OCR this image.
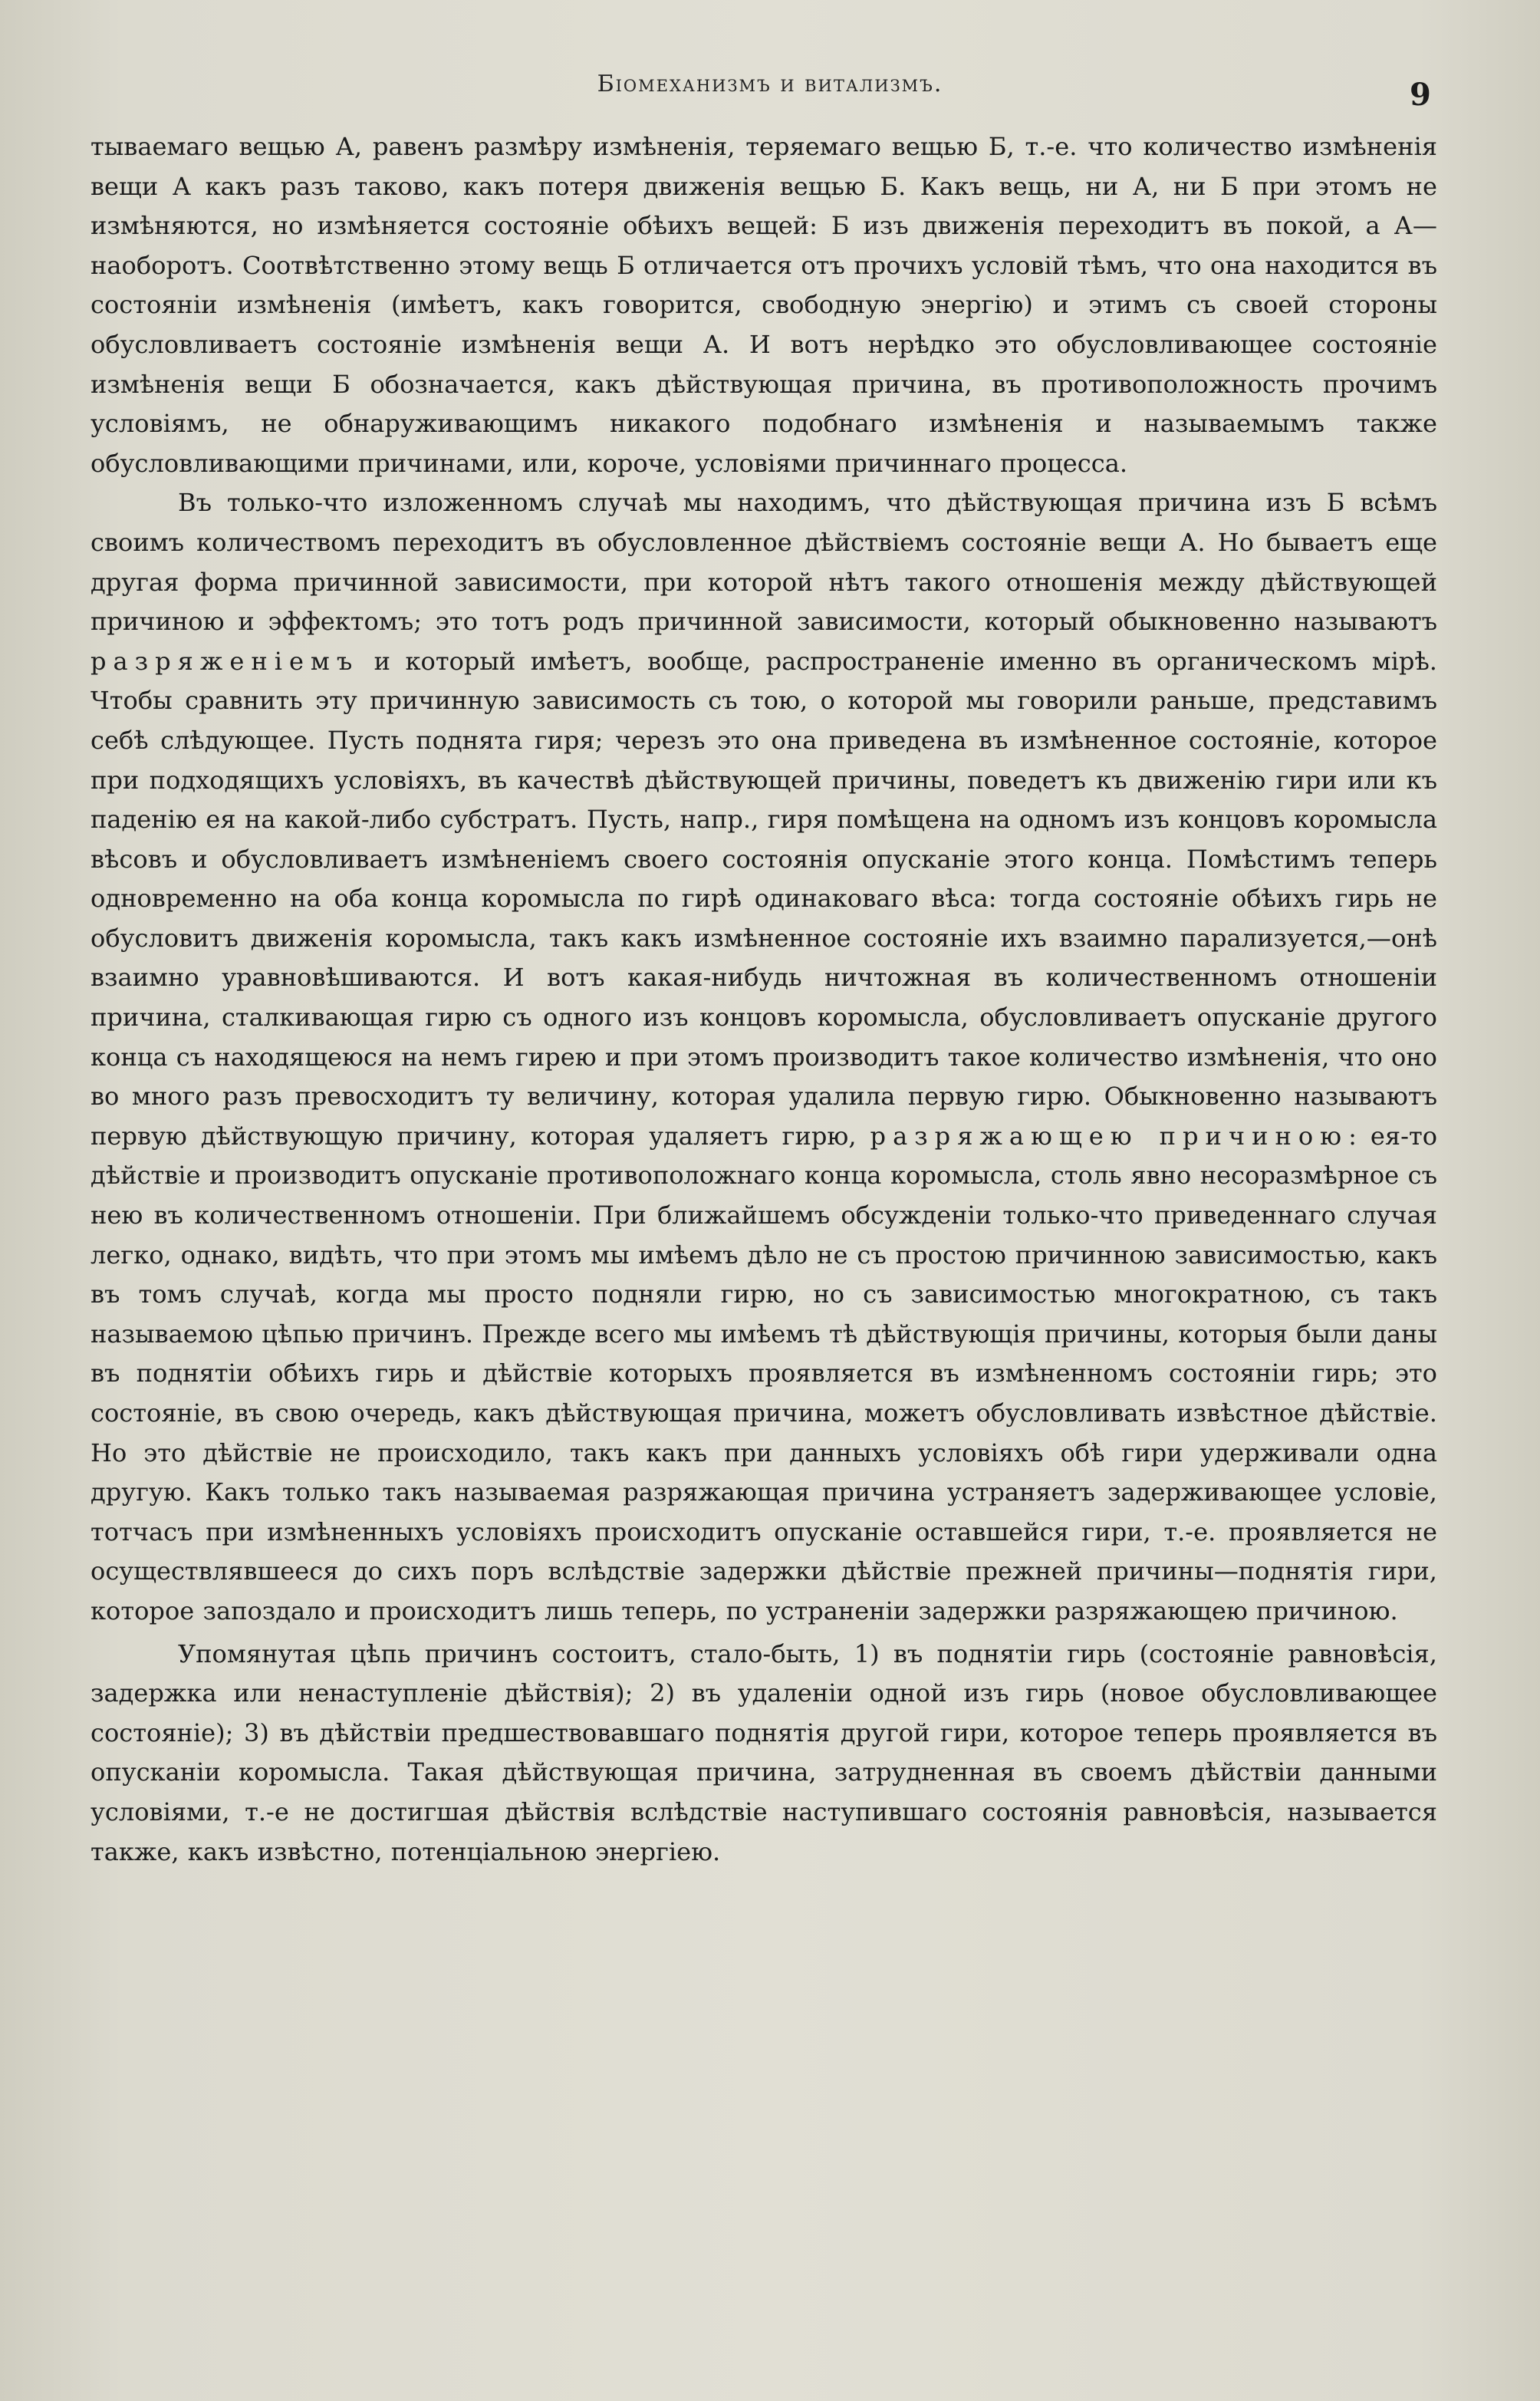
Біомеханизмъ и витализмъ.	9

тываемаго вещью А, равенъ размѣру измѣненія, теряемаго вещью Б, т.-е. что количество измѣненія вещи А какъ разъ таково, какъ потеря движенія вещью Б. Какъ вещь, ни А, ни Б при этомъ не измѣняются, но измѣняется состояніе обѣихъ вещей: Б изъ движенія переходитъ въ покой, а А—наоборотъ. Соотвѣтственно этому вещь Б отличается отъ прочихъ условій тѣмъ, что она находится въ состояніи измѣненія (имѣетъ, какъ говорится, свободную энергію) и этимъ съ своей стороны обусловливаетъ состояніе измѣненія вещи А. И вотъ нерѣдко это обусловливающее состояніе измѣненія вещи Б обозначается, какъ дѣйствующая причина, въ противоположность прочимъ условіямъ, не обнаруживающимъ никакого подобнаго измѣненія и называемымъ также обусловливающими причинами, или, короче, условіями причиннаго процесса.

Въ только-что изложенномъ случаѣ мы находимъ, что дѣйствующая причина изъ Б всѣмъ своимъ количествомъ переходитъ въ обусловленное дѣйствіемъ состояніе вещи А. Но бываетъ еще другая форма причинной зависимости, при которой нѣтъ такого отношенія между дѣйствующей причиною и эффектомъ; это тотъ родъ причинной зависимости, который обыкновенно называютъ разряженіемъ и который имѣетъ, вообще, распространеніе именно въ органическомъ мірѣ. Чтобы сравнить эту причинную зависимость съ тою, о которой мы говорили раньше, представимъ себѣ слѣдующее. Пусть поднята гиря; черезъ это она приведена въ измѣненное состояніе, которое при подходящихъ условіяхъ, въ качествѣ дѣйствующей причины, поведетъ къ движенію гири или къ паденію ея на какой-либо субстратъ. Пусть, напр., гиря помѣщена на одномъ изъ концовъ коромысла вѣсовъ и обусловливаетъ измѣненіемъ своего состоянія опусканіе этого конца. Помѣстимъ теперь одновременно на оба конца коромысла по гирѣ одинаковаго вѣса: тогда состояніе обѣихъ гирь не обусловитъ движенія коромысла, такъ какъ измѣненное состояніе ихъ взаимно парализуется,—онѣ взаимно уравновѣшиваются. И вотъ какая-нибудь ничтожная въ количественномъ отношеніи причина, сталкивающая гирю съ одного изъ концовъ коромысла, обусловливаетъ опусканіе другого конца съ находящеюся на немъ гирею и при этомъ производитъ такое количество измѣненія, что оно во много разъ превосходитъ ту величину, которая удалила первую гирю. Обыкновенно называютъ первую дѣйствующую причину, которая удаляетъ гирю, разряжающею причиною: ея-то дѣйствіе и производитъ опусканіе противоположнаго конца коромысла, столь явно несоразмѣрное съ нею въ количественномъ отношеніи. При ближайшемъ обсужденіи только-что приведеннаго случая легко, однако, видѣть, что при этомъ мы имѣемъ дѣло не съ простою причинною зависимостью, какъ въ томъ случаѣ, когда мы просто подняли гирю, но съ зависимостью многократною, съ такъ называемою цѣпью причинъ. Прежде всего мы имѣемъ тѣ дѣйствующія причины, которыя были даны въ поднятіи обѣихъ гирь и дѣйствіе которыхъ проявляется въ измѣненномъ состояніи гирь; это состояніе, въ свою очередь, какъ дѣйствующая причина, можетъ обусловливать извѣстное дѣйствіе. Но это дѣйствіе не происходило, такъ какъ при данныхъ условіяхъ обѣ гири удерживали одна другую. Какъ только такъ называемая разряжающая причина устраняетъ задерживающее условіе, тотчасъ при измѣненныхъ условіяхъ происходитъ опусканіе оставшейся гири, т.-е. проявляется не осуществлявшееся до сихъ поръ вслѣдствіе задержки дѣйствіе прежней причины—поднятія гири, которое запоздало и происходитъ лишь теперь, по устраненіи задержки разряжающею причиною.

Упомянутая цѣпь причинъ состоитъ, стало-быть, 1) въ поднятіи гирь (состояніе равновѣсія, задержка или ненаступленіе дѣйствія); 2) въ удаленіи одной изъ гирь (новое обусловливающее состояніе); 3) въ дѣйствіи предшествовавшаго поднятія другой гири, которое теперь проявляется въ опусканіи коромысла. Такая дѣйствующая причина, затрудненная въ своемъ дѣйствіи данными условіями, т.-е не достигшая дѣйствія вслѣдствіе наступившаго состоянія равновѣсія, называется также, какъ извѣстно, потенціальною энергіею.
